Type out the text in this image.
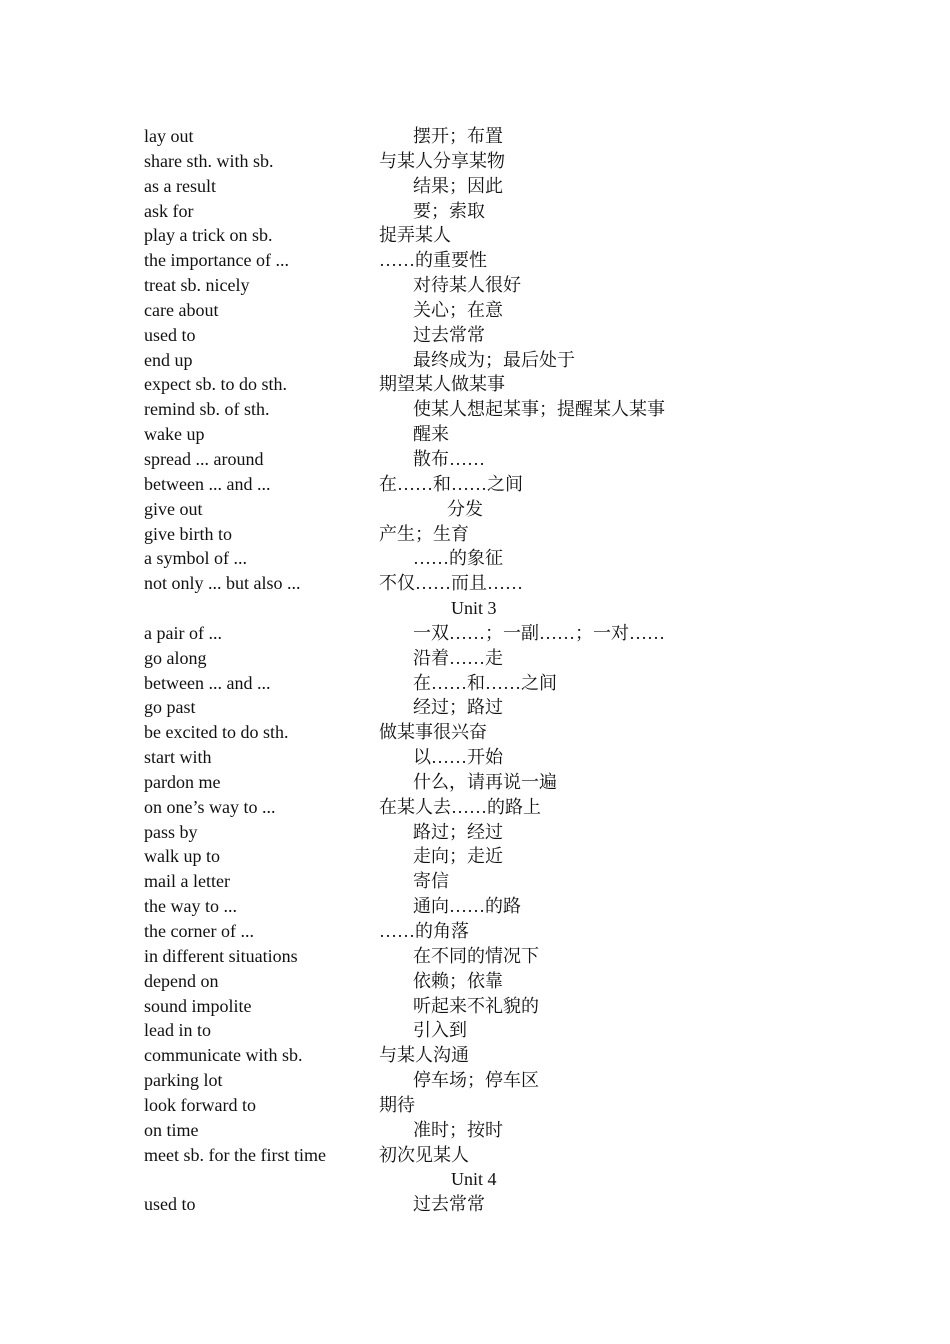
lay out	摆开；布置
share sth. with sb.	与某人分享某物
as a result	结果；因此
ask for	要；索取
play a trick on sb.	捉弄某人
the importance of ...	……的重要性
treat sb. nicely	对待某人很好
care about	关心；在意
used to	过去常常
end up	最终成为；最后处于
expect sb. to do sth.	期望某人做某事
remind sb. of sth.	使某人想起某事；提醒某人某事
wake up	醒来
spread ... around	散布……
between ... and ...	在……和……之间
give out	分发
give birth to	产生；生育
a symbol of ...	……的象征
not only ... but also ...	不仅……而且……
Unit 3
a pair of ...	一双……；一副……；一对……
go along	沿着……走
between ... and ...	在……和……之间
go past	经过；路过
be excited to do sth.	做某事很兴奋
start with	以……开始
pardon me	什么，请再说一遍
on one’s way to ...	在某人去……的路上
pass by	路过；经过
walk up to	走向；走近
mail a letter	寄信
the way to ...	通向……的路
the corner of ...	……的角落
in different situations	在不同的情况下
depend on	依赖；依靠
sound impolite	听起来不礼貌的
lead in to	引入到
communicate with sb.	与某人沟通
parking lot	停车场；停车区
look forward to	期待
on time	准时；按时
meet sb. for the first time	初次见某人
Unit 4
used to	过去常常
